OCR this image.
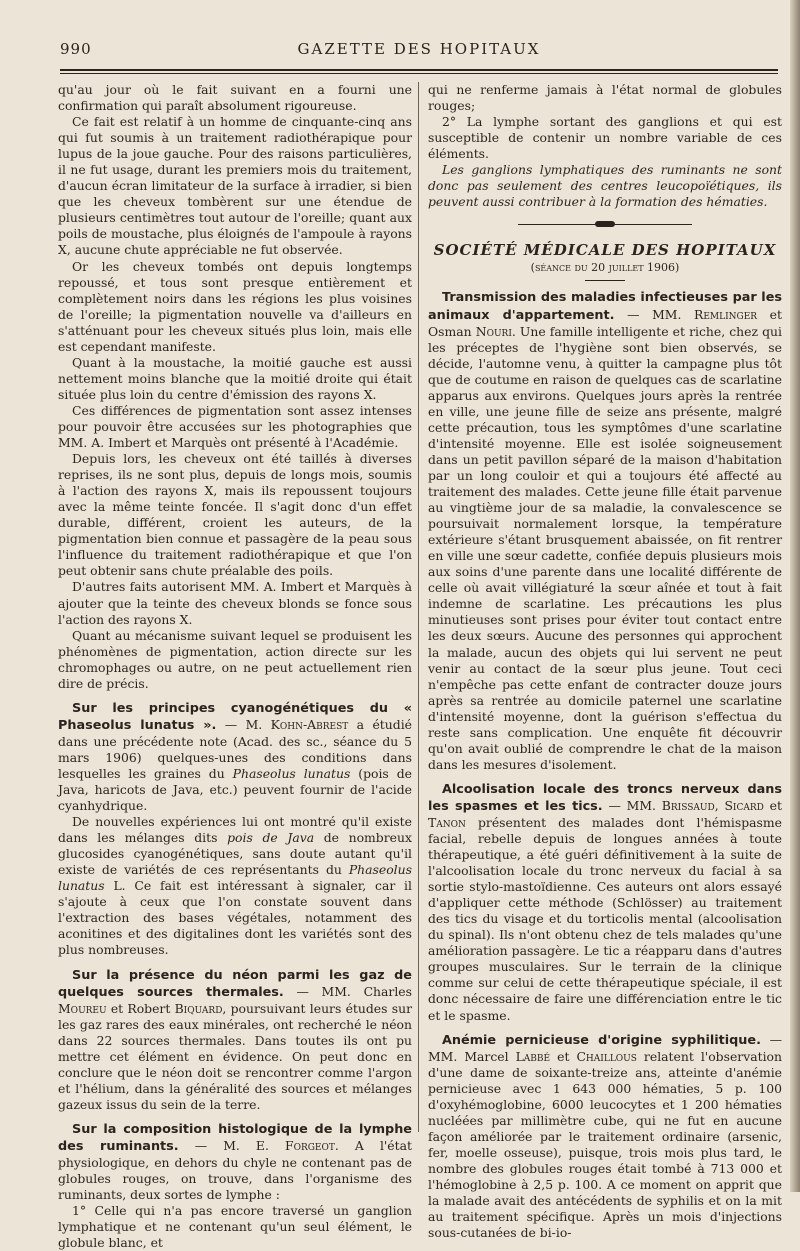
990	GAZETTE DES HOPITAUX

qu'au jour où le fait suivant en a fourni une confirmation qui paraît absolument rigoureuse.

Ce fait est relatif à un homme de cinquante-cinq ans qui fut soumis à un traitement radiothérapique pour lupus de la joue gauche. Pour des raisons particulières, il ne fut usage, durant les premiers mois du traitement, d'aucun écran limitateur de la surface à irradier, si bien que les cheveux tombèrent sur une étendue de plusieurs centimètres tout autour de l'oreille; quant aux poils de moustache, plus éloignés de l'ampoule à rayons X, aucune chute appréciable ne fut observée.

Or les cheveux tombés ont depuis longtemps repoussé, et tous sont presque entièrement et complètement noirs dans les régions les plus voisines de l'oreille; la pigmentation nouvelle va d'ailleurs en s'atténuant pour les cheveux situés plus loin, mais elle est cependant manifeste.

Quant à la moustache, la moitié gauche est aussi nettement moins blanche que la moitié droite qui était située plus loin du centre d'émission des rayons X.

Ces différences de pigmentation sont assez intenses pour pouvoir être accusées sur les photographies que MM. A. Imbert et Marquès ont présenté à l'Académie.

Depuis lors, les cheveux ont été taillés à diverses reprises, ils ne sont plus, depuis de longs mois, soumis à l'action des rayons X, mais ils repoussent toujours avec la même teinte foncée. Il s'agit donc d'un effet durable, différent, croient les auteurs, de la pigmentation bien connue et passagère de la peau sous l'influence du traitement radiothérapique et que l'on peut obtenir sans chute préalable des poils.

D'autres faits autorisent MM. A. Imbert et Marquès à ajouter que la teinte des cheveux blonds se fonce sous l'action des rayons X.

Quant au mécanisme suivant lequel se produisent les phénomènes de pigmentation, action directe sur les chromophages ou autre, on ne peut actuellement rien dire de précis.

Sur les principes cyanogénétiques du « Phaseolus lunatus ». — M. Kohn-Abrest a étudié dans une précédente note (Acad. des sc., séance du 5 mars 1906) quelques-unes des conditions dans lesquelles les graines du Phaseolus lunatus (pois de Java, haricots de Java, etc.) peuvent fournir de l'acide cyanhydrique.

De nouvelles expériences lui ont montré qu'il existe dans les mélanges dits pois de Java de nombreux glucosides cyanogénétiques, sans doute autant qu'il existe de variétés de ces représentants du Phaseolus lunatus L. Ce fait est intéressant à signaler, car il s'ajoute à ceux que l'on constate souvent dans l'extraction des bases végétales, notamment des aconitines et des digitalines dont les variétés sont des plus nombreuses.

Sur la présence du néon parmi les gaz de quelques sources thermales. — MM. Charles Moureu et Robert Biquard, poursuivant leurs études sur les gaz rares des eaux minérales, ont recherché le néon dans 22 sources thermales. Dans toutes ils ont pu mettre cet élément en évidence. On peut donc en conclure que le néon doit se rencontrer comme l'argon et l'hélium, dans la généralité des sources et mélanges gazeux issus du sein de la terre.

Sur la composition histologique de la lymphe des ruminants. — M. E. Forgeot. A l'état physiologique, en dehors du chyle ne contenant pas de globules rouges, on trouve, dans l'organisme des ruminants, deux sortes de lymphe :

1° Celle qui n'a pas encore traversé un ganglion lymphatique et ne contenant qu'un seul élément, le globule blanc, et

qui ne renferme jamais à l'état normal de globules rouges;

2° La lymphe sortant des ganglions et qui est susceptible de contenir un nombre variable de ces éléments.

Les ganglions lymphatiques des ruminants ne sont donc pas seulement des centres leucopoïétiques, ils peuvent aussi contribuer à la formation des hématies.

SOCIÉTÉ MÉDICALE DES HOPITAUX

(séance du 20 juillet 1906)

Transmission des maladies infectieuses par les animaux d'appartement. — MM. Remlinger et Osman Nouri. Une famille intelligente et riche, chez qui les préceptes de l'hygiène sont bien observés, se décide, l'automne venu, à quitter la campagne plus tôt que de coutume en raison de quelques cas de scarlatine apparus aux environs. Quelques jours après la rentrée en ville, une jeune fille de seize ans présente, malgré cette précaution, tous les symptômes d'une scarlatine d'intensité moyenne. Elle est isolée soigneusement dans un petit pavillon séparé de la maison d'habitation par un long couloir et qui a toujours été affecté au traitement des malades. Cette jeune fille était parvenue au vingtième jour de sa maladie, la convalescence se poursuivait normalement lorsque, la température extérieure s'étant brusquement abaissée, on fit rentrer en ville une sœur cadette, confiée depuis plusieurs mois aux soins d'une parente dans une localité différente de celle où avait villégiaturé la sœur aînée et tout à fait indemne de scarlatine. Les précautions les plus minutieuses sont prises pour éviter tout contact entre les deux sœurs. Aucune des personnes qui approchent la malade, aucun des objets qui lui servent ne peut venir au contact de la sœur plus jeune. Tout ceci n'empêche pas cette enfant de contracter douze jours après sa rentrée au domicile paternel une scarlatine d'intensité moyenne, dont la guérison s'effectua du reste sans complication. Une enquête fit découvrir qu'on avait oublié de comprendre le chat de la maison dans les mesures d'isolement.

Alcoolisation locale des troncs nerveux dans les spasmes et les tics. — MM. Brissaud, Sicard et Tanon présentent des malades dont l'hémispasme facial, rebelle depuis de longues années à toute thérapeutique, a été guéri définitivement à la suite de l'alcoolisation locale du tronc nerveux du facial à sa sortie stylo-mastoïdienne. Ces auteurs ont alors essayé d'appliquer cette méthode (Schlösser) au traitement des tics du visage et du torticolis mental (alcoolisation du spinal). Ils n'ont obtenu chez de tels malades qu'une amélioration passagère. Le tic a réapparu dans d'autres groupes musculaires. Sur le terrain de la clinique comme sur celui de cette thérapeutique spéciale, il est donc nécessaire de faire une différenciation entre le tic et le spasme.

Anémie pernicieuse d'origine syphilitique. — MM. Marcel Labbé et Chaillous relatent l'observation d'une dame de soixante-treize ans, atteinte d'anémie pernicieuse avec 1 643 000 hématies, 5 p. 100 d'oxyhémoglobine, 6000 leucocytes et 1 200 hématies nucléées par millimètre cube, qui ne fut en aucune façon améliorée par le traitement ordinaire (arsenic, fer, moelle osseuse), puisque, trois mois plus tard, le nombre des globules rouges était tombé à 713 000 et l'hémoglobine à 2,5 p. 100. A ce moment on apprit que la malade avait des antécédents de syphilis et on la mit au traitement spécifique. Après un mois d'injections sous-cutanées de bi-io-
